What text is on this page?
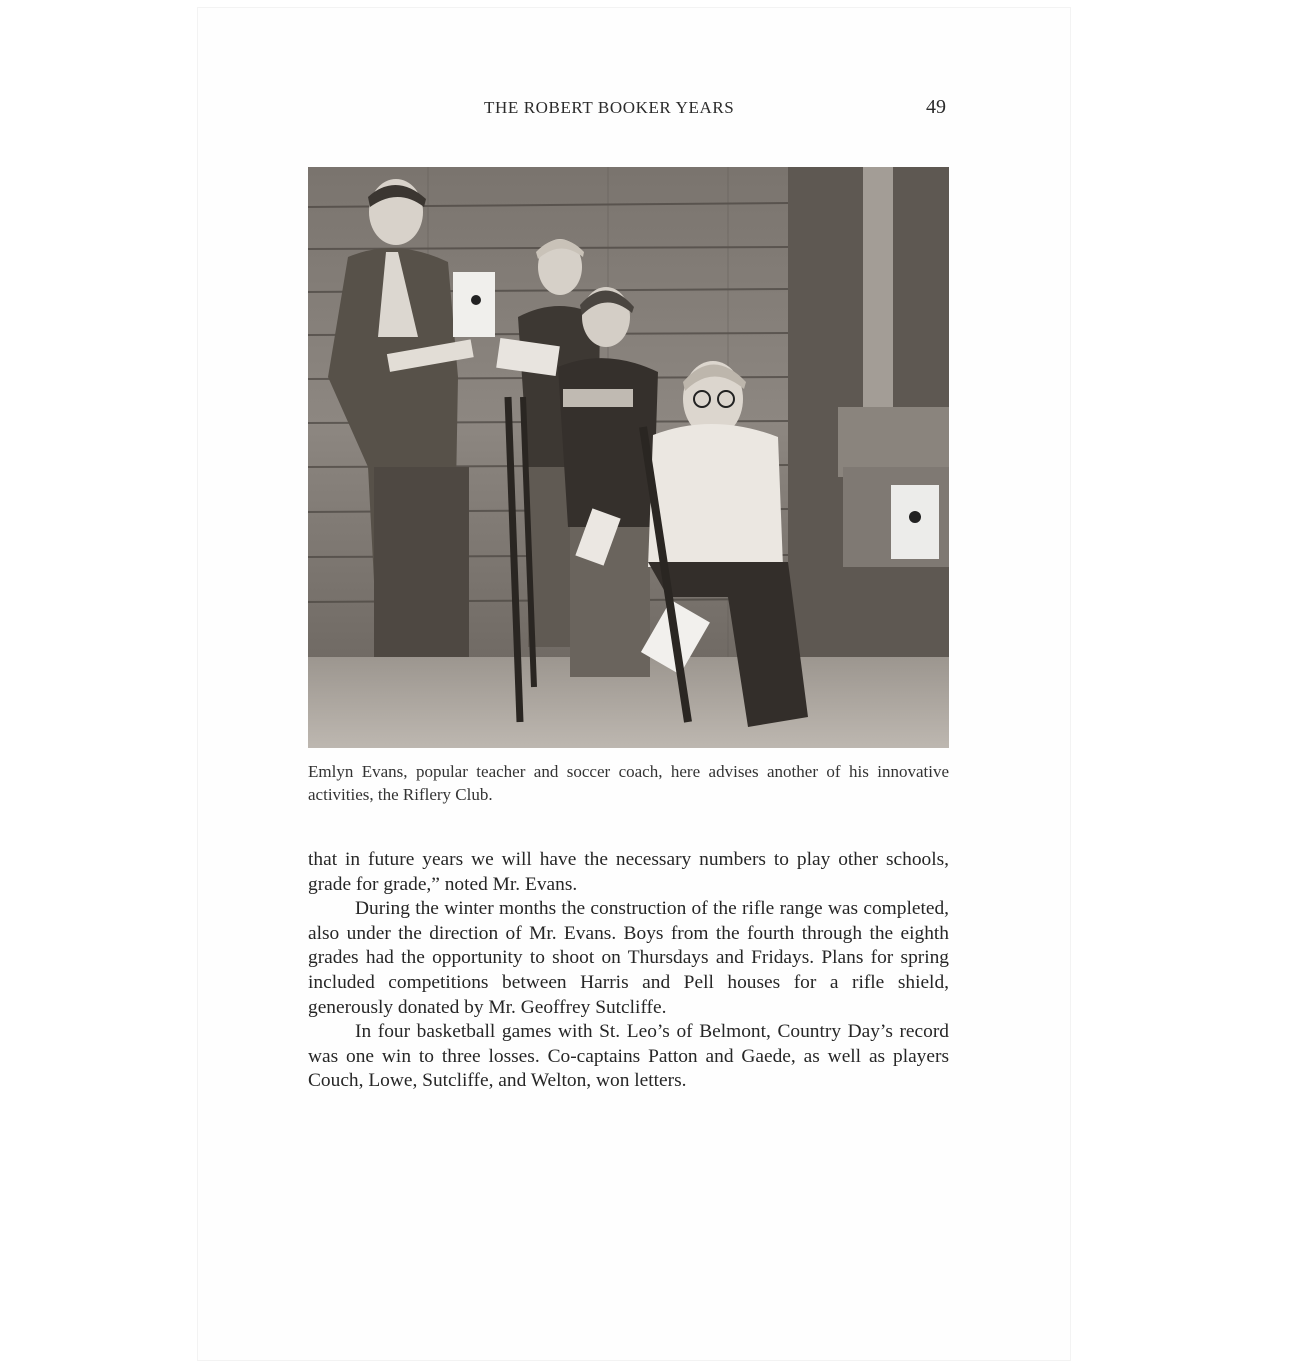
THE ROBERT BOOKER YEARS	49
Emlyn Evans, popular teacher and soccer coach, here advises another of his innovative activities, the Riflery Club.

that in future years we will have the necessary numbers to play other schools, grade for grade,” noted Mr. Evans.

During the winter months the construction of the rifle range was completed, also under the direction of Mr. Evans. Boys from the fourth through the eighth grades had the opportunity to shoot on Thursdays and Fridays. Plans for spring included competitions between Harris and Pell houses for a rifle shield, generously donated by Mr. Geoffrey Sutcliffe.

In four basketball games with St. Leo’s of Belmont, Country Day’s record was one win to three losses. Co-captains Patton and Gaede, as well as players Couch, Lowe, Sutcliffe, and Welton, won letters.
